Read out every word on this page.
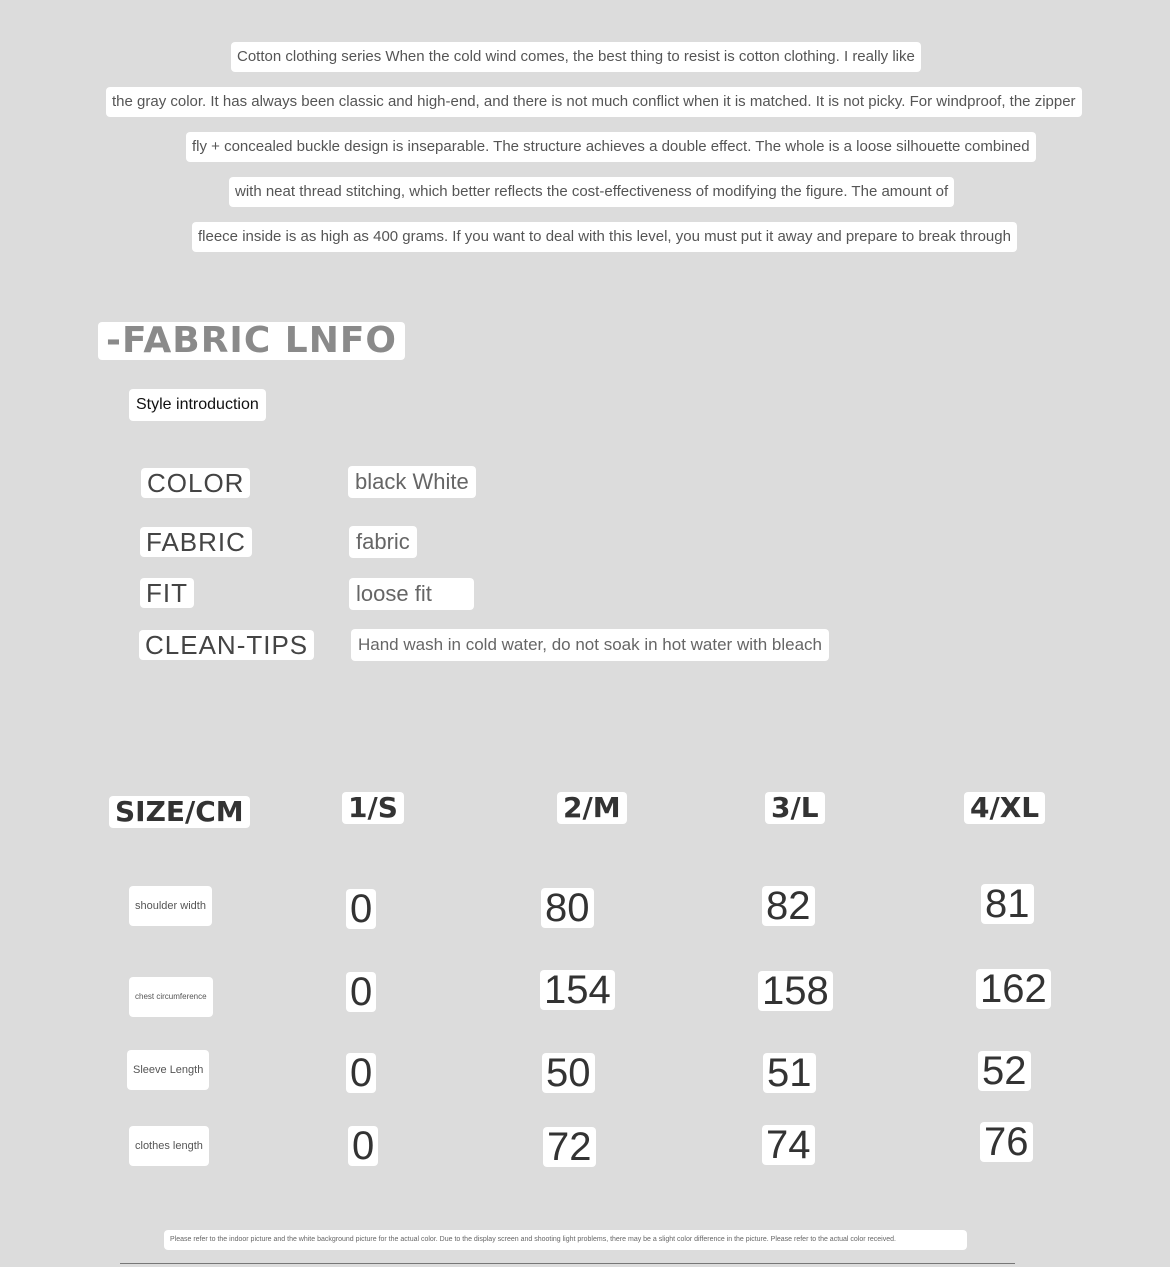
Cotton clothing series When the cold wind comes, the best thing to resist is cotton clothing. I really like
the gray color. It has always been classic and high-end, and there is not much conflict when it is matched. It is not picky. For windproof, the zipper
fly + concealed buckle design is inseparable. The structure achieves a double effect. The whole is a loose silhouette combined
with neat thread stitching, which better reflects the cost-effectiveness of modifying the figure. The amount of
fleece inside is as high as 400 grams. If you want to deal with this level, you must put it away and prepare to break through
-FABRIC LNFO
Style introduction
COLOR	black White
FABRIC	fabric
FIT	loose fit
CLEAN-TIPS	Hand wash in cold water, do not soak in hot water with bleach
SIZE/CM	1/S	2/M	3/L	4/XL
shoulder width	0	80	82	81
chest circumference	0	154	158	162
Sleeve Length	0	50	51	52
clothes length	0	72	74	76
Please refer to the indoor picture and the white background picture for the actual color. Due to the display screen and shooting light problems, there may be a slight color difference in the picture. Please refer to the actual color received.
